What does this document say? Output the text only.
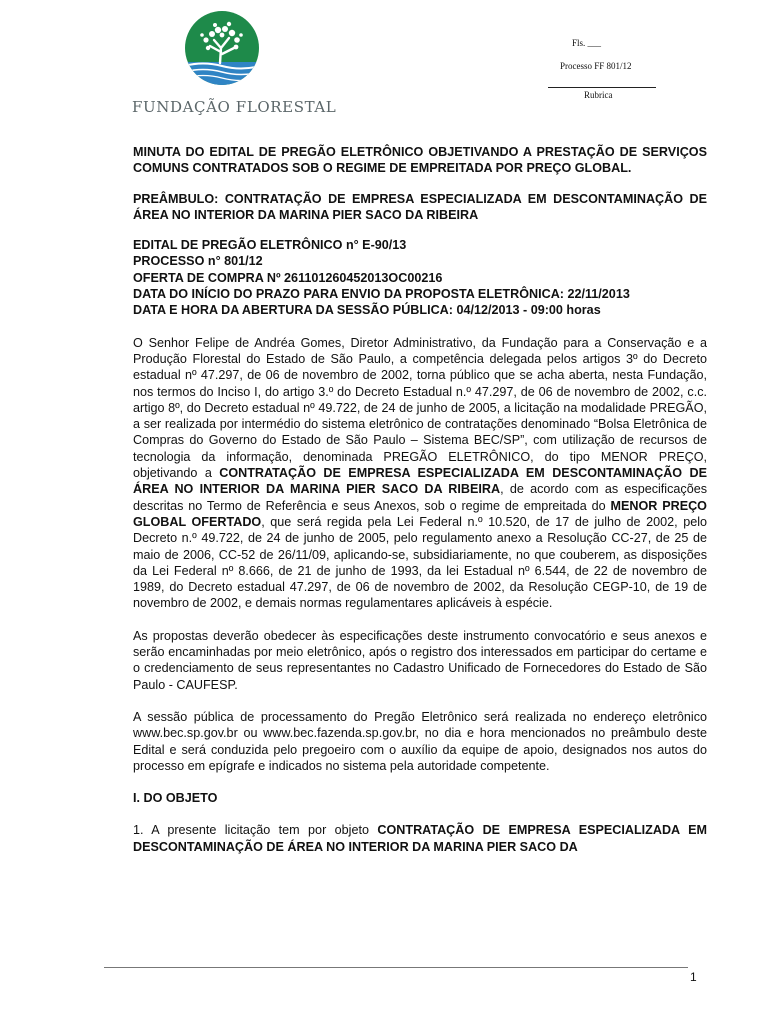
FUNDAÇÃO FLORESTAL
Fls. ___
Processo FF 801/12
Rubrica

MINUTA DO EDITAL DE PREGÃO ELETRÔNICO OBJETIVANDO A PRESTAÇÃO DE SERVIÇOS COMUNS CONTRATADOS SOB O REGIME DE EMPREITADA POR PREÇO GLOBAL.

PREÂMBULO: CONTRATAÇÃO DE EMPRESA ESPECIALIZADA EM DESCONTAMINAÇÃO DE ÁREA NO INTERIOR DA MARINA PIER SACO DA RIBEIRA

EDITAL DE PREGÃO ELETRÔNICO n° E-90/13

PROCESSO n° 801/12

OFERTA DE COMPRA Nº 261101260452013OC00216

DATA DO INÍCIO DO PRAZO PARA ENVIO DA PROPOSTA ELETRÔNICA: 22/11/2013

DATA E HORA DA ABERTURA DA SESSÃO PÚBLICA: 04/12/2013 - 09:00 horas

O Senhor Felipe de Andréa Gomes, Diretor Administrativo, da Fundação para a Conservação e a Produção Florestal do Estado de São Paulo, a competência delegada pelos artigos 3º do Decreto estadual nº 47.297, de 06 de novembro de 2002, torna público que se acha aberta, nesta Fundação, nos termos do Inciso I, do artigo 3.º do Decreto Estadual n.º 47.297, de 06 de novembro de 2002, c.c. artigo 8º, do Decreto estadual nº 49.722, de 24 de junho de 2005, a licitação na modalidade PREGÃO, a ser realizada por intermédio do sistema eletrônico de contratações denominado “Bolsa Eletrônica de Compras do Governo do Estado de São Paulo – Sistema BEC/SP”, com utilização de recursos de tecnologia da informação, denominada PREGÃO ELETRÔNICO, do tipo MENOR PREÇO, objetivando a CONTRATAÇÃO DE EMPRESA ESPECIALIZADA EM DESCONTAMINAÇÃO DE ÁREA NO INTERIOR DA MARINA PIER SACO DA RIBEIRA, de acordo com as especificações descritas no Termo de Referência e seus Anexos, sob o regime de empreitada do MENOR PREÇO GLOBAL OFERTADO, que será regida pela Lei Federal n.º 10.520, de 17 de julho de 2002, pelo Decreto n.º 49.722, de 24 de junho de 2005, pelo regulamento anexo a Resolução CC-27, de 25 de maio de 2006, CC-52 de 26/11/09, aplicando-se, subsidiariamente, no que couberem, as disposições da Lei Federal nº 8.666, de 21 de junho de 1993, da lei Estadual nº 6.544, de 22 de novembro de 1989, do Decreto estadual 47.297, de 06 de novembro de 2002, da Resolução CEGP-10, de 19 de novembro de 2002, e demais normas regulamentares aplicáveis à espécie.

As propostas deverão obedecer às especificações deste instrumento convocatório e seus anexos e serão encaminhadas por meio eletrônico, após o registro dos interessados em participar do certame e o credenciamento de seus representantes no Cadastro Unificado de Fornecedores do Estado de São Paulo - CAUFESP.

A sessão pública de processamento do Pregão Eletrônico será realizada no endereço eletrônico www.bec.sp.gov.br ou www.bec.fazenda.sp.gov.br, no dia e hora mencionados no preâmbulo deste Edital e será conduzida pelo pregoeiro com o auxílio da equipe de apoio, designados nos autos do processo em epígrafe e indicados no sistema pela autoridade competente.

I. DO OBJETO

1. A presente licitação tem por objeto CONTRATAÇÃO DE EMPRESA ESPECIALIZADA EM DESCONTAMINAÇÃO DE ÁREA NO INTERIOR DA MARINA PIER SACO DA

1
